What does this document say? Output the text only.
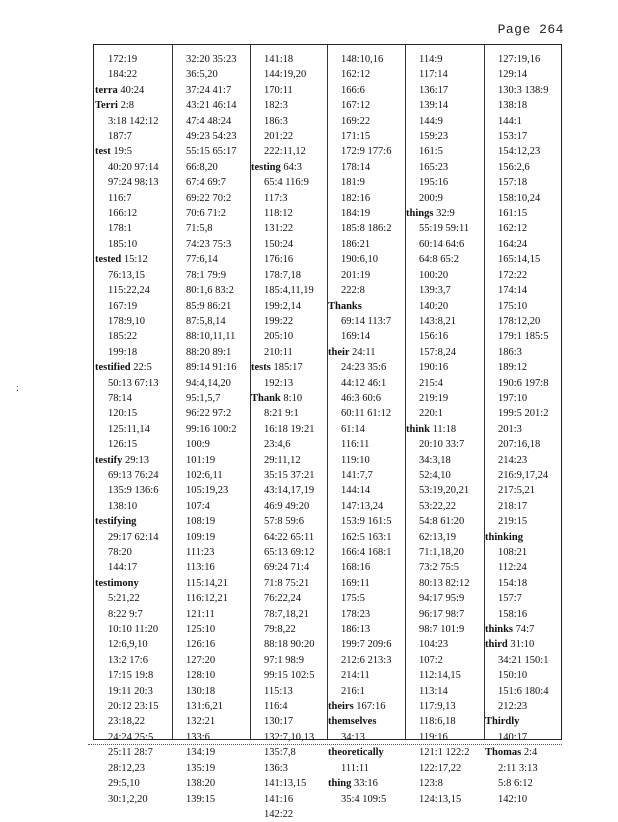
Page 264
172:19
184:22
terra 40:24
Terri 2:8
3:18 142:12
187:7
test 19:5
40:20 97:14
97:24 98:13
116:7
166:12
178:1
185:10
tested 15:12
76:13,15
115:22,24
167:19
178:9,10
185:22
199:18
testified 22:5
50:13 67:13
78:14
120:15
125:11,14
126:15
testify 29:13
69:13 76:24
135:9 136:6
138:10
testifying
29:17 62:14
78:20
144:17
testimony
5:21,22
8:22 9:7
10:10 11:20
12:6,9,10
13:2 17:6
17:15 19:8
19:11 20:3
20:12 23:15
23:18,22
24:24 25:5
25:11 28:7
28:12,23
29:5,10
30:1,2,20
32:20 35:23
36:5,20
37:24 41:7
43:21 46:14
47:4 48:24
49:23 54:23
55:15 65:17
66:8,20
67:4 69:7
69:22 70:2
70:6 71:2
71:5,8
74:23 75:3
77:6,14
78:1 79:9
80:1,6 83:2
85:9 86:21
87:5,8,14
88:10,11,11
88:20 89:1
89:14 91:16
94:4,14,20
95:1,5,7
96:22 97:2
99:16 100:2
100:9
101:19
102:6,11
105:19,23
107:4
108:19
109:19
111:23
113:16
115:14,21
116:12,21
121:11
125:10
126:16
127:20
128:10
130:18
131:6,21
132:21
133:6
134:19
135:19
138:20
139:15
141:18
144:19,20
170:11
182:3
186:3
201:22
222:11,12
testing 64:3
65:4 116:9
117:3
118:12
131:22
150:24
176:16
178:7,18
185:4,11,19
199:2,14
199:22
205:10
210:11
tests 185:17
192:13
Thank 8:10
8:21 9:1
16:18 19:21
23:4,6
29:11,12
35:15 37:21
43:14,17,19
46:9 49:20
57:8 59:6
64:22 65:11
65:13 69:12
69:24 71:4
71:8 75:21
76:22,24
78:7,18,21
79:8,22
88:18 90:20
97:1 98:9
99:15 102:5
115:13
116:4
130:17
132:7,10,13
135:7,8
136:3
141:13,15
141:16
142:22
148:10,16
162:12
166:6
167:12
169:22
171:15
172:9 177:6
178:14
181:9
182:16
184:19
185:8 186:2
186:21
190:6,10
201:19
222:8
Thanks
69:14 113:7
169:14
their 24:11
24:23 35:6
44:12 46:1
46:3 60:6
60:11 61:12
61:14
116:11
119:10
141:7,7
144:14
147:13,24
153:9 161:5
162:5 163:1
166:4 168:1
168:16
169:11
175:5
178:23
186:13
199:7 209:6
212:6 213:3
214:11
216:1
theirs 167:16
themselves
34:13
theoretically
111:11
thing 33:16
35:4 109:5
114:9
117:14
136:17
139:14
144:9
159:23
161:5
165:23
195:16
200:9
things 32:9
55:19 59:11
60:14 64:6
64:8 65:2
100:20
139:3,7
140:20
143:8,21
156:16
157:8,24
190:16
215:4
219:19
220:1
think 11:18
20:10 33:7
34:3,18
52:4,10
53:19,20,21
53:22,22
54:8 61:20
62:13,19
71:1,18,20
73:2 75:5
80:13 82:12
94:17 95:9
96:17 98:7
98:7 101:9
104:23
107:2
112:14,15
113:14
117:9,13
118:6,18
119:16
121:1 122:2
122:17,22
123:8
124:13,15
127:19,16
129:14
130:3 138:9
138:18
144:1
153:17
154:12,23
156:2,6
157:18
158:10,24
161:15
162:12
164:24
165:14,15
172:22
174:14
175:10
178:12,20
179:1 185:5
186:3
189:12
190:6 197:8
197:10
199:5 201:2
201:3
207:16,18
214:23
216:9,17,24
217:5,21
218:17
219:15
thinking
108:21
112:24
154:18
157:7
158:16
thinks 74:7
third 31:10
34:21 150:1
150:10
151:6 180:4
212:23
Thirdly
140:17
Thomas 2:4
2:11 3:13
5:8 6:12
142:10
:
